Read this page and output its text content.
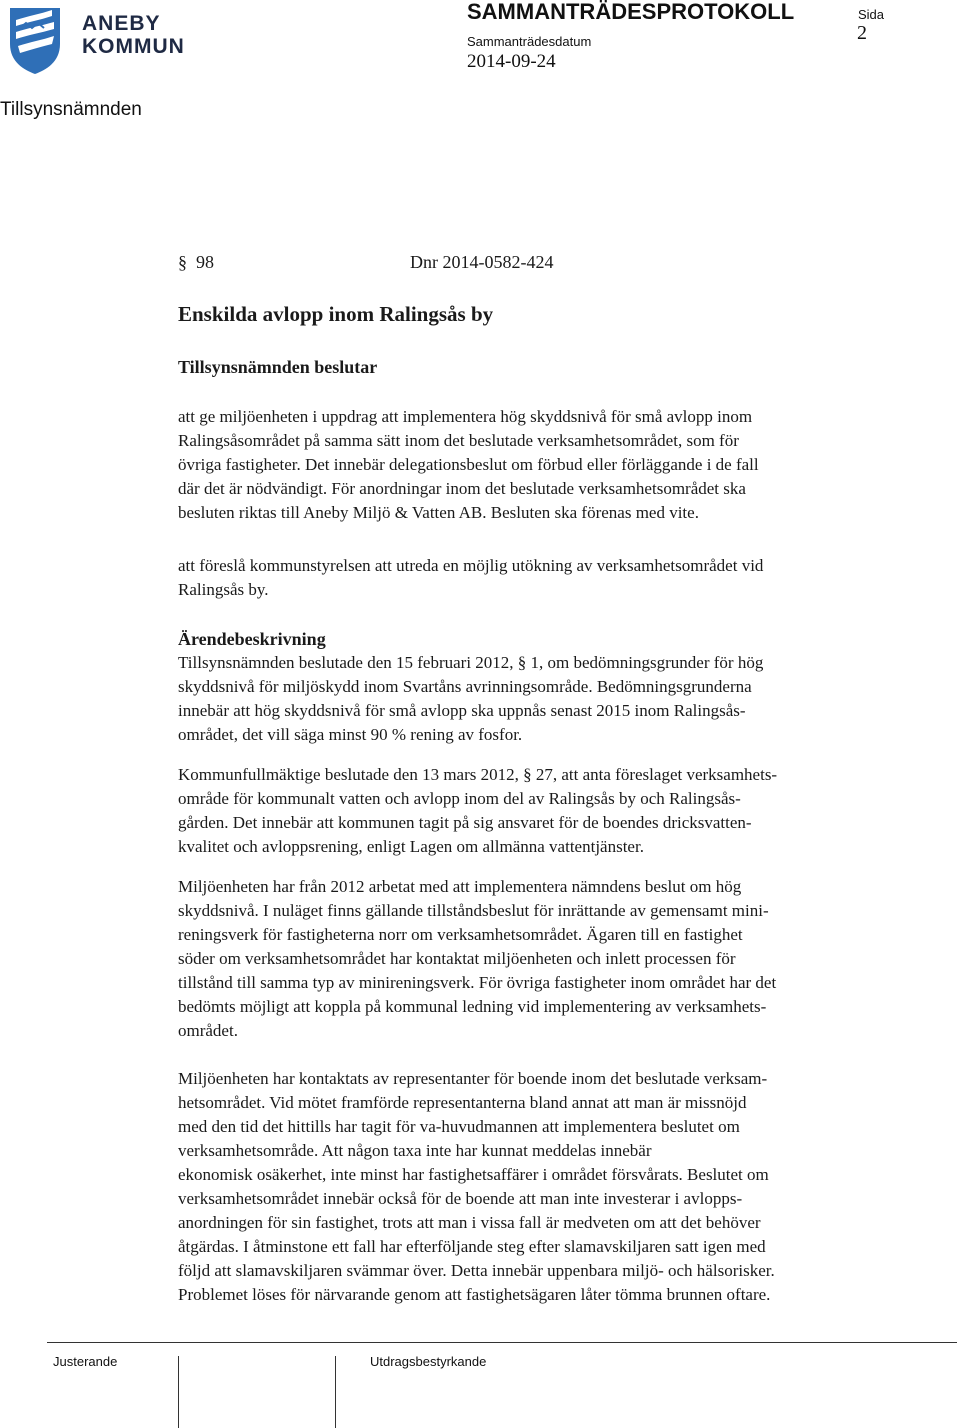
ANEBY
KOMMUN
SAMMANTRÄDESPROTOKOLL	Sida
2
Sammanträdesdatum
2014-09-24
Tillsynsnämnden
§ 98	Dnr 2014-0582-424
Enskilda avlopp inom Ralingsås by
Tillsynsnämnden beslutar

att ge miljöenheten i uppdrag att implementera hög skyddsnivå för små avlopp inom
Ralingsåsområdet på samma sätt inom det beslutade verksamhetsområdet, som för
övriga fastigheter. Det innebär delegationsbeslut om förbud eller förläggande i de fall
där det är nödvändigt. För anordningar inom det beslutade verksamhetsområdet ska
besluten riktas till Aneby Miljö & Vatten AB. Besluten ska förenas med vite.

att föreslå kommunstyrelsen att utreda en möjlig utökning av verksamhetsområdet vid
Ralingsås by.

Ärendebeskrivning

Tillsynsnämnden beslutade den 15 februari 2012, § 1, om bedömningsgrunder för hög
skyddsnivå för miljöskydd inom Svartåns avrinningsområde. Bedömningsgrunderna
innebär att hög skyddsnivå för små avlopp ska uppnås senast 2015 inom Ralingsås-
området, det vill säga minst 90 % rening av fosfor.

Kommunfullmäktige beslutade den 13 mars 2012, § 27, att anta föreslaget verksamhets-
område för kommunalt vatten och avlopp inom del av Ralingsås by och Ralingsås-
gården. Det innebär att kommunen tagit på sig ansvaret för de boendes dricksvatten-
kvalitet och avloppsrening, enligt Lagen om allmänna vattentjänster.

Miljöenheten har från 2012 arbetat med att implementera nämndens beslut om hög
skyddsnivå. I nuläget finns gällande tillståndsbeslut för inrättande av gemensamt mini-
reningsverk för fastigheterna norr om verksamhetsområdet. Ägaren till en fastighet
söder om verksamhetsområdet har kontaktat miljöenheten och inlett processen för
tillstånd till samma typ av minireningsverk. För övriga fastigheter inom området har det
bedömts möjligt att koppla på kommunal ledning vid implementering av verksamhets-
området.

Miljöenheten har kontaktats av representanter för boende inom det beslutade verksam-
hetsområdet. Vid mötet framförde representanterna bland annat att man är missnöjd
med den tid det hittills har tagit för va-huvudmannen att implementera beslutet om
verksamhetsområde. Att någon taxa inte har kunnat meddelas innebär
ekonomisk osäkerhet, inte minst har fastighetsaffärer i området försvårats. Beslutet om
verksamhetsområdet innebär också för de boende att man inte investerar i avlopps-
anordningen för sin fastighet, trots att man i vissa fall är medveten om att det behöver
åtgärdas. I åtminstone ett fall har efterföljande steg efter slamavskiljaren satt igen med
följd att slamavskiljaren svämmar över. Detta innebär uppenbara miljö- och hälsorisker.
Problemet löses för närvarande genom att fastighetsägaren låter tömma brunnen oftare.

Justerande	Utdragsbestyrkande
